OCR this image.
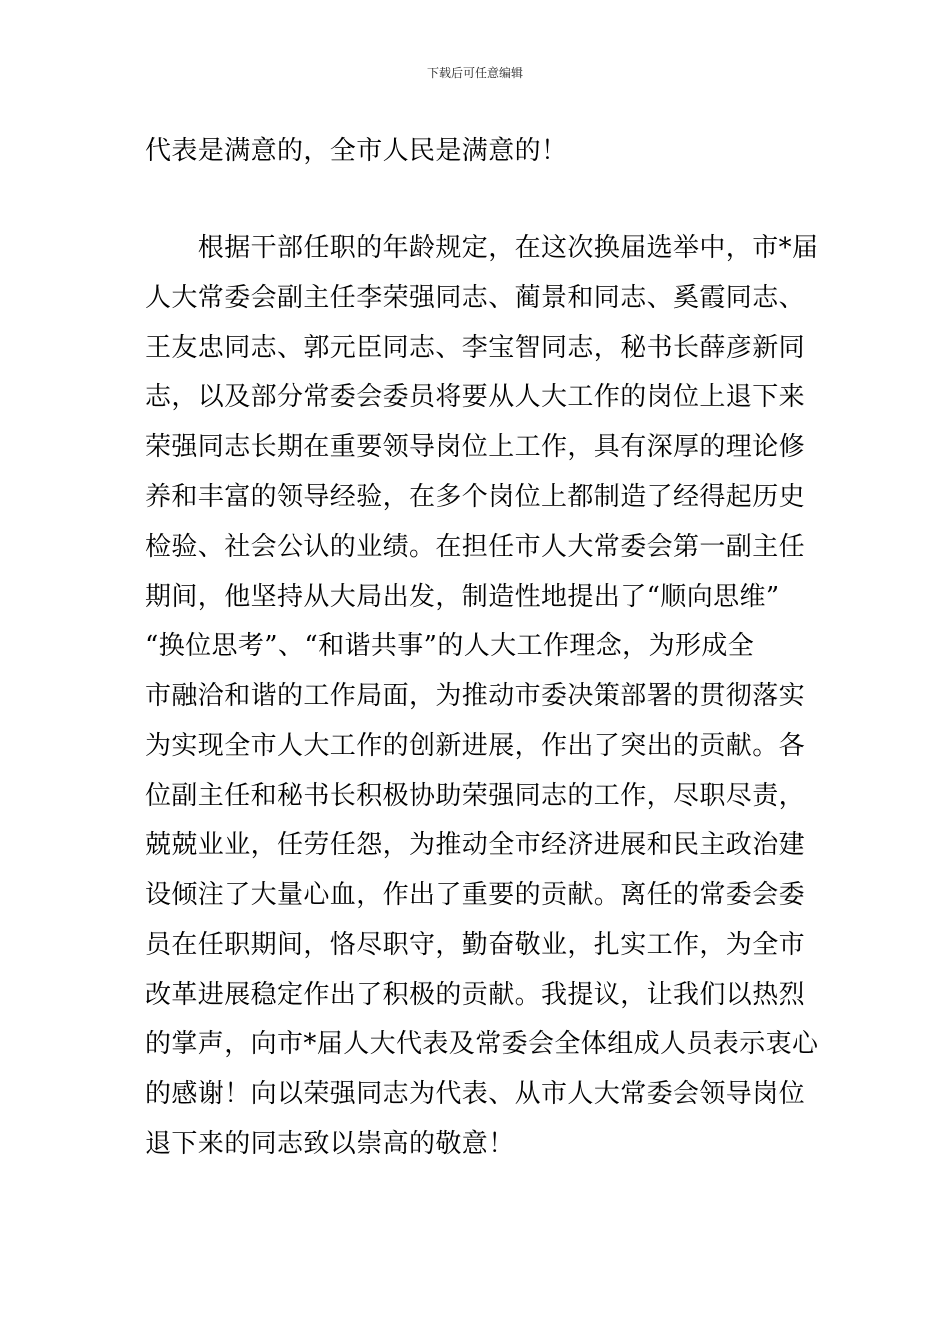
下载后可任意编辑
代表是满意的，全市人民是满意的！
　　根据干部任职的年龄规定，在这次换届选举中，市*届
人大常委会副主任李荣强同志、蔺景和同志、奚霞同志、
王友忠同志、郭元臣同志、李宝智同志，秘书长薛彦新同
志，以及部分常委会委员将要从人大工作的岗位上退下来
荣强同志长期在重要领导岗位上工作，具有深厚的理论修
养和丰富的领导经验，在多个岗位上都制造了经得起历史
检验、社会公认的业绩。在担任市人大常委会第一副主任
期间，他坚持从大局出发，制造性地提出了“顺向思维”
“换位思考”、“和谐共事”的人大工作理念，为形成全
市融洽和谐的工作局面，为推动市委决策部署的贯彻落实
为实现全市人大工作的创新进展，作出了突出的贡献。各
位副主任和秘书长积极协助荣强同志的工作，尽职尽责，
兢兢业业，任劳任怨，为推动全市经济进展和民主政治建
设倾注了大量心血，作出了重要的贡献。离任的常委会委
员在任职期间，恪尽职守，勤奋敬业，扎实工作，为全市
改革进展稳定作出了积极的贡献。我提议，让我们以热烈
的掌声，向市*届人大代表及常委会全体组成人员表示衷心
的感谢！向以荣强同志为代表、从市人大常委会领导岗位
退下来的同志致以崇高的敬意！
